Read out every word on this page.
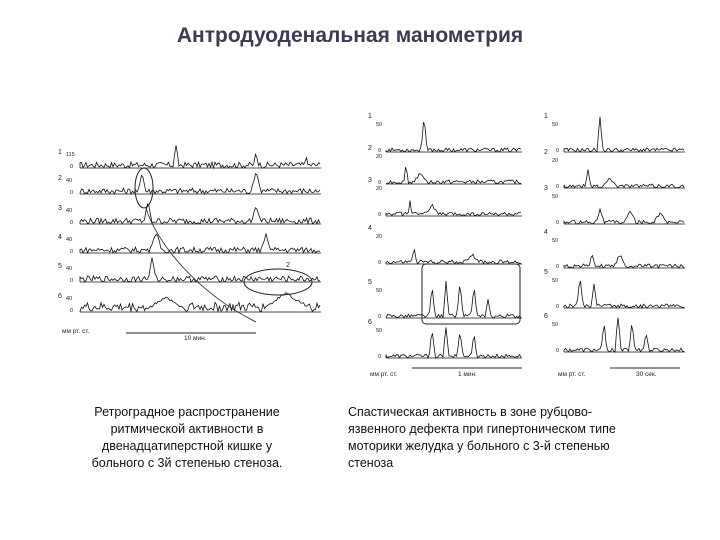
Антродуоденальная манометрия
1
0
115
2
0
40
3
0
40
4
0
40
5
0
40
6
0
40
2
мм рт. ст.
10 мин.
1
50
0
2
20
0
3
20
0
4
20
0
5
50
0
6
50
0
мм рт. ст.	1 мин.
1
50
0
2
20
0
3
50
0
4
50
0
5
50
0
6
50
0
мм рт. ст.	30 сек.
Ретроградное распространение
ритмической активности в
двенадцатиперстной кишке у
больного с 3й степенью стеноза.
Спастическая активность в зоне рубцово-
язвенного дефекта при гипертоническом типе
моторики желудка у больного с 3-й степенью
стеноза
